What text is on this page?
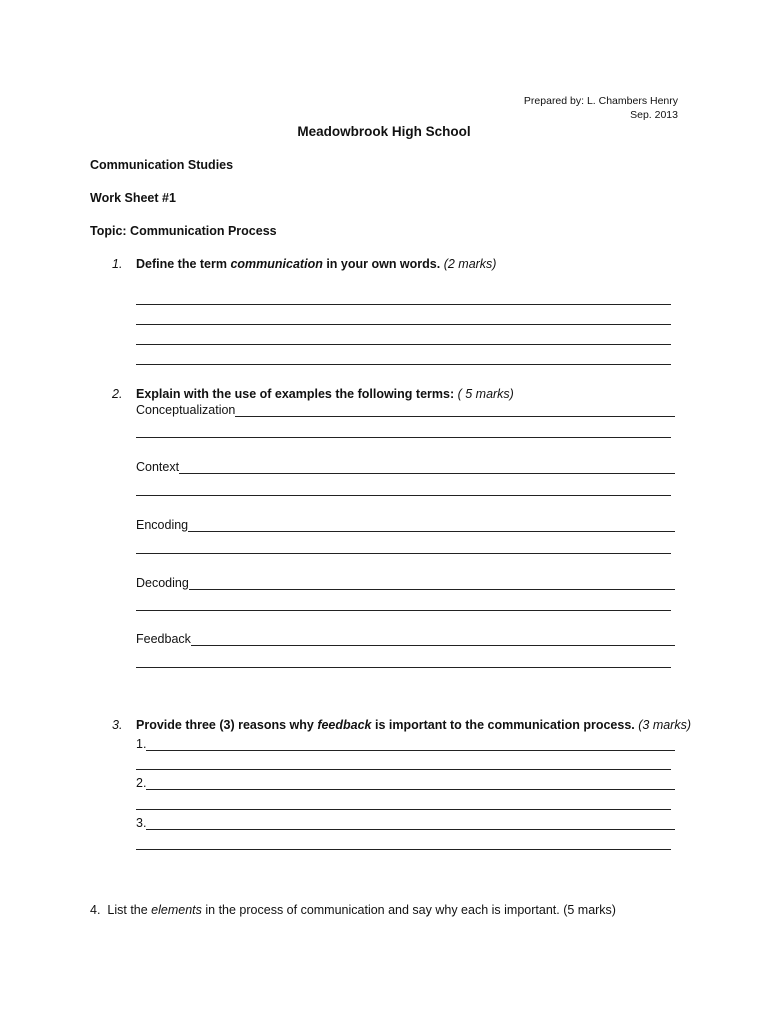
Prepared by: L. Chambers Henry
Sep. 2013
Meadowbrook High School
Communication Studies
Work Sheet #1
Topic: Communication Process
1. Define the term communication in your own words. (2 marks)
2. Explain with the use of examples the following terms: ( 5 marks)
Conceptualization
Context
Encoding
Decoding
Feedback
3. Provide three (3) reasons why feedback is important to the communication process. (3 marks)
1.
2.
3.
4. List the elements in the process of communication and say why each is important. (5 marks)
